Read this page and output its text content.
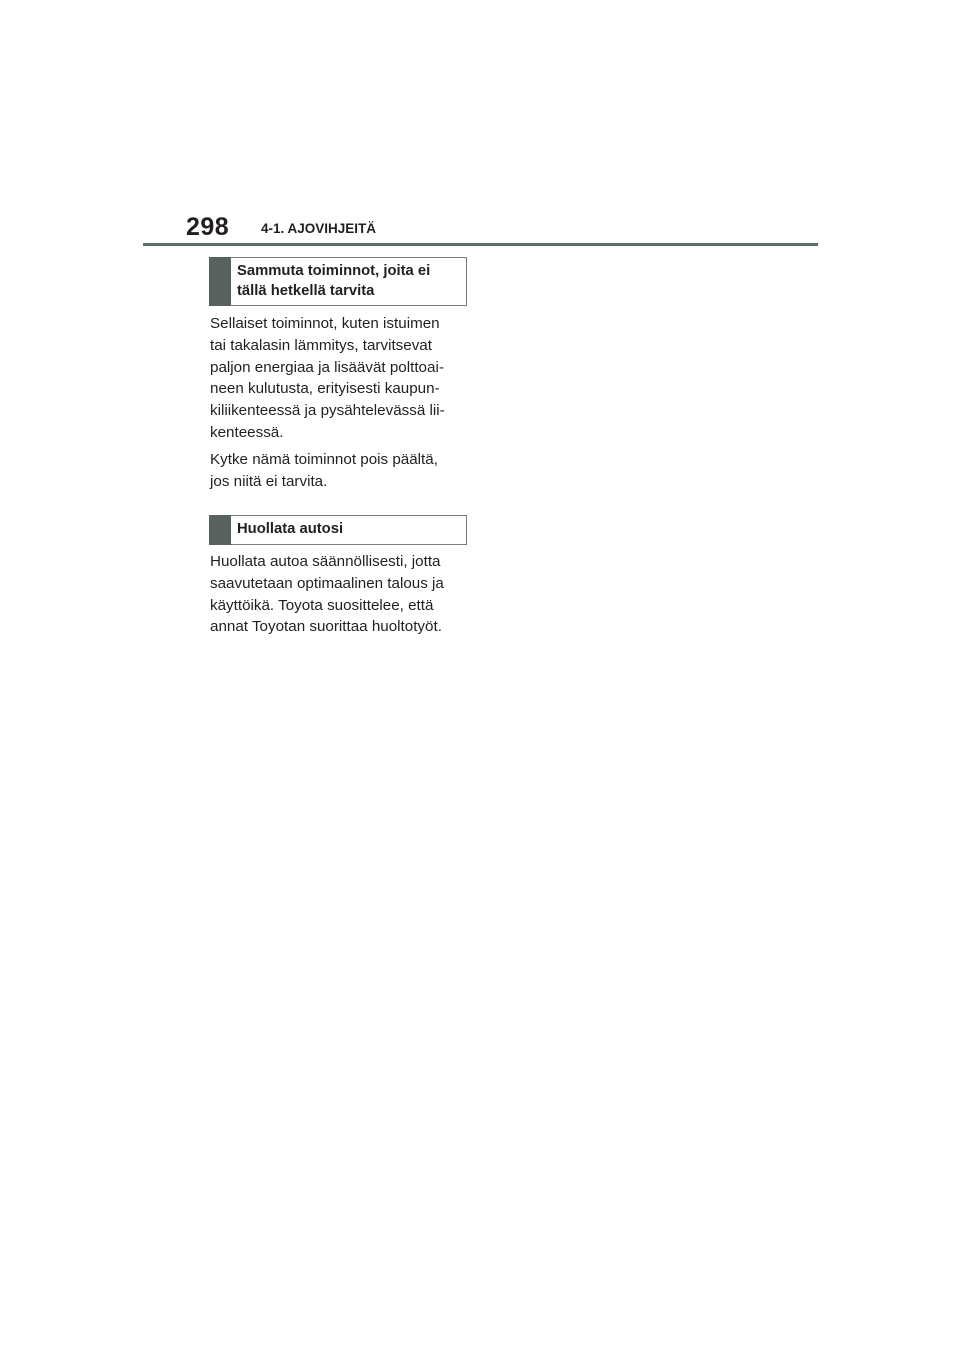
298 4-1. AJOVIHJEITÄ
Sammuta toiminnot, joita ei
tällä hetkellä tarvita

Sellaiset toiminnot, kuten istuimen
tai takalasin lämmitys, tarvitsevat
paljon energiaa ja lisäävät polttoai-
neen kulutusta, erityisesti kaupun-
kiliikenteessä ja pysähtelevässä lii-
kenteessä.

Kytke nämä toiminnot pois päältä,
jos niitä ei tarvita.

Huollata autosi

Huollata autoa säännöllisesti, jotta
saavutetaan optimaalinen talous ja
käyttöikä. Toyota suosittelee, että
annat Toyotan suorittaa huoltotyöt.
